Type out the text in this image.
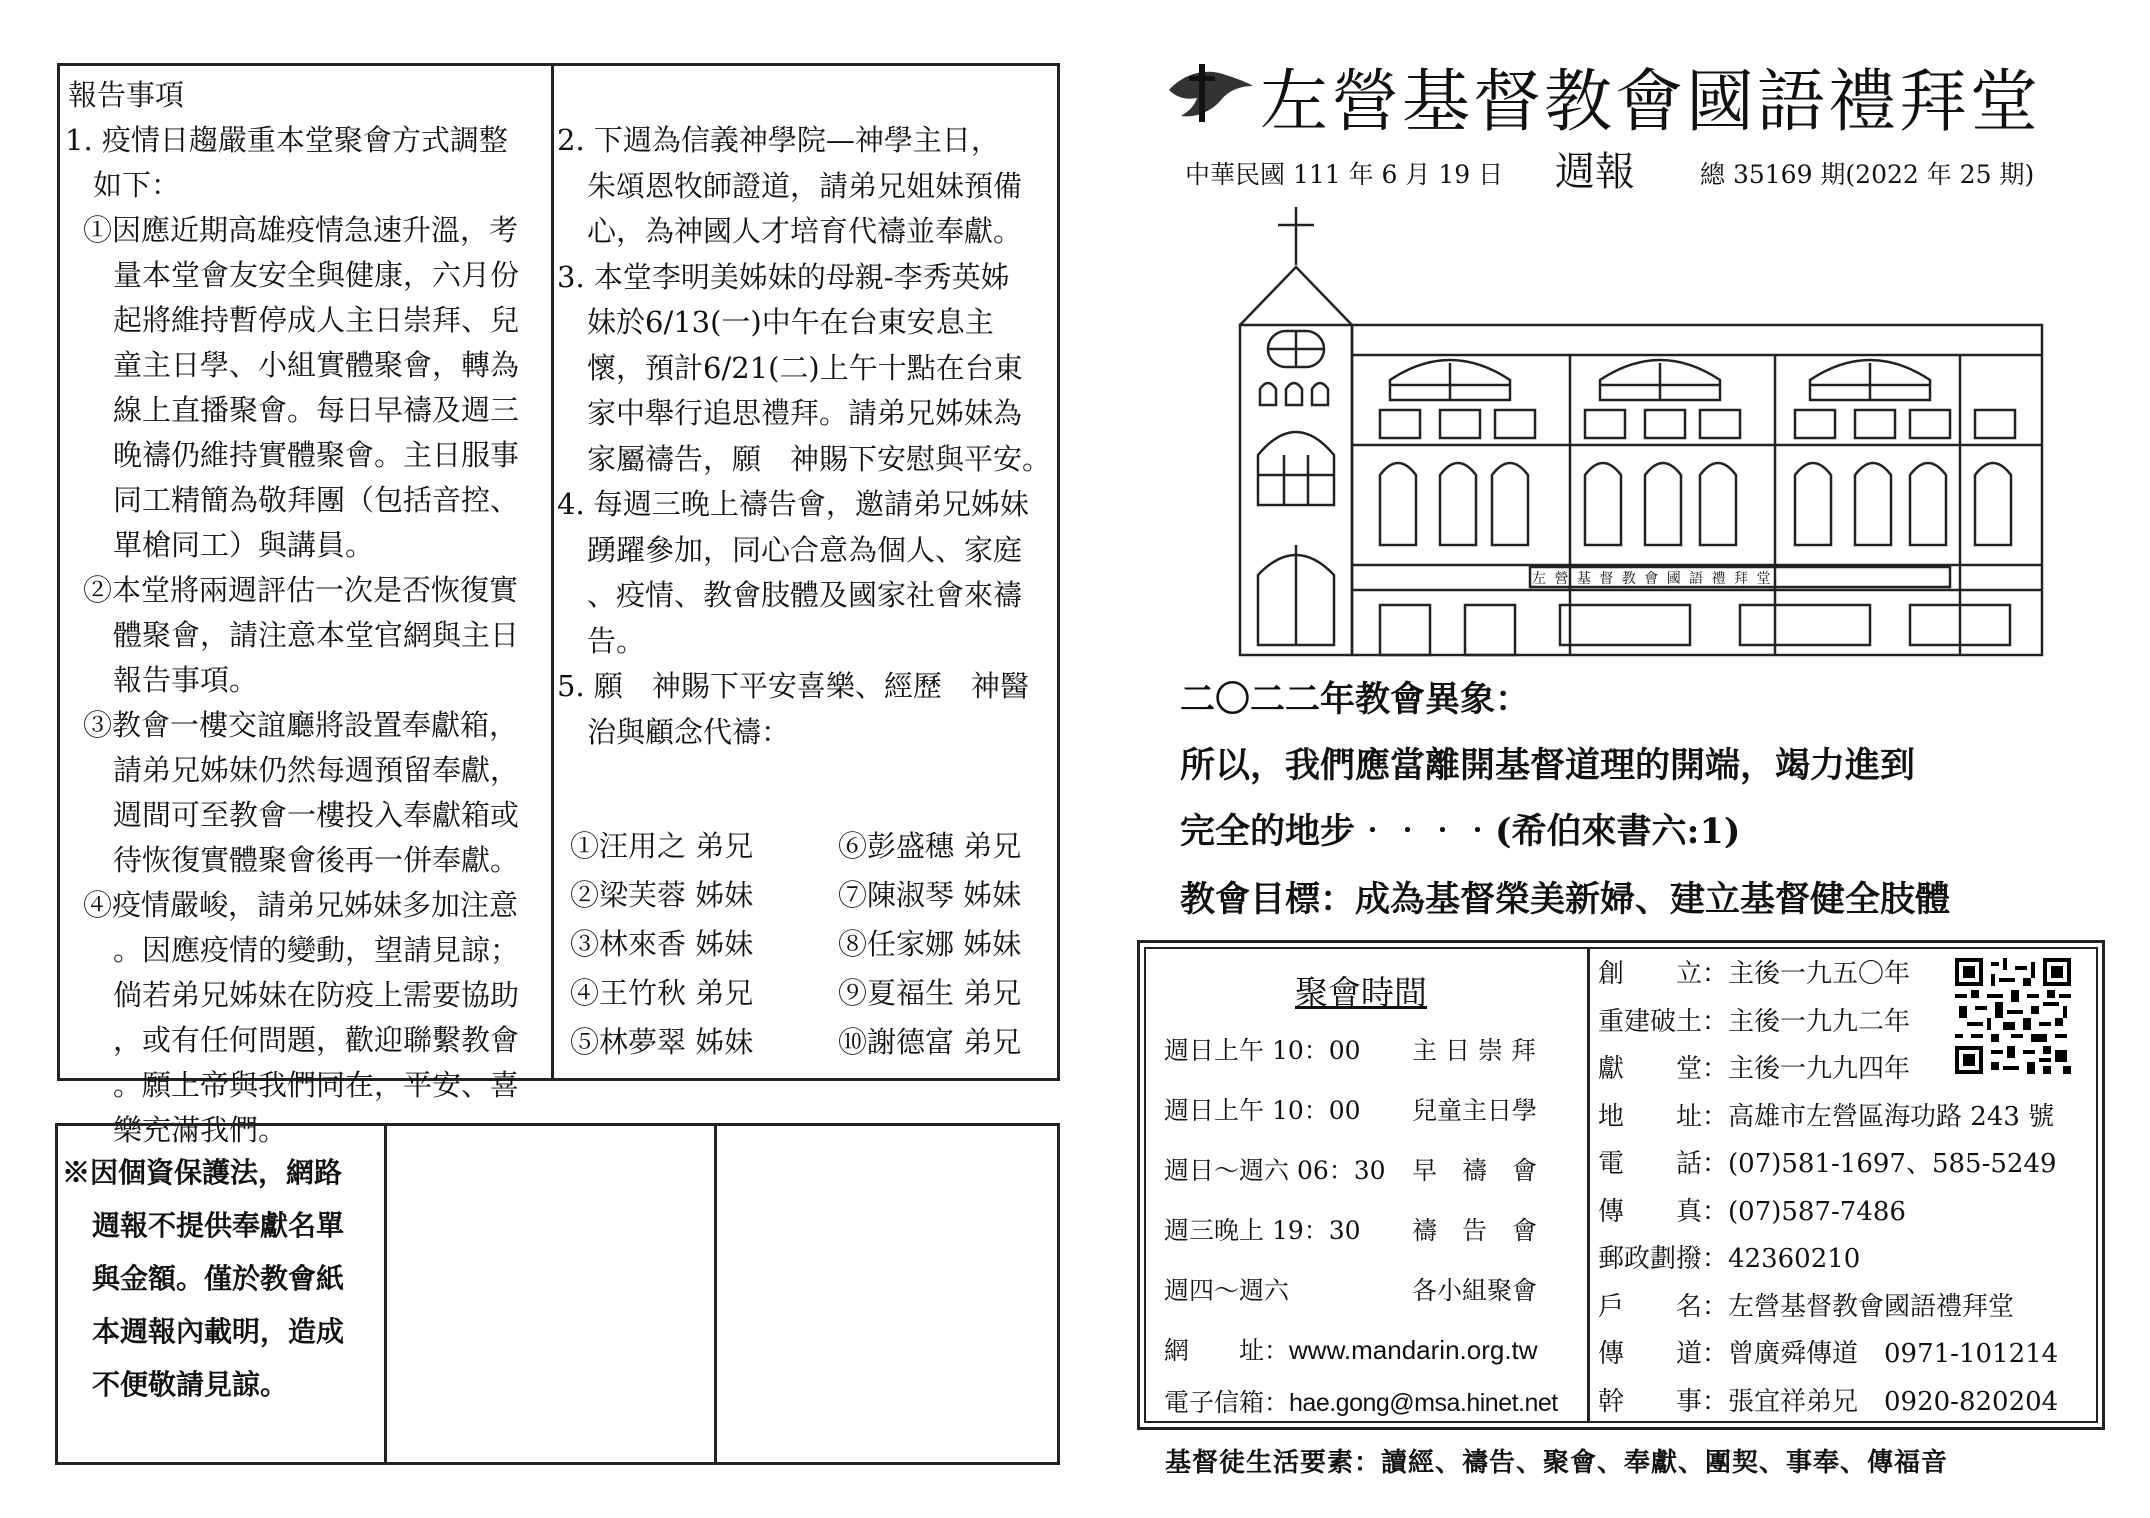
報告事項
1. 疫情日趨嚴重本堂聚會方式調整
如下：
①因應近期高雄疫情急速升溫，考
量本堂會友安全與健康，六月份
起將維持暫停成人主日崇拜、兒
童主日學、小組實體聚會，轉為
線上直播聚會。每日早禱及週三
晚禱仍維持實體聚會。主日服事
同工精簡為敬拜團（包括音控、
單槍同工）與講員。
②本堂將兩週評估一次是否恢復實
體聚會，請注意本堂官網與主日
報告事項。
③教會一樓交誼廳將設置奉獻箱，
請弟兄姊妹仍然每週預留奉獻，
週間可至教會一樓投入奉獻箱或
待恢復實體聚會後再一併奉獻。
④疫情嚴峻，請弟兄姊妹多加注意
。因應疫情的變動，望請見諒；
倘若弟兄姊妹在防疫上需要協助
，或有任何問題，歡迎聯繫教會
。願上帝與我們同在，平安、喜
樂充滿我們。
2. 下週為信義神學院—神學主日，
朱頌恩牧師證道，請弟兄姐妹預備
心，為神國人才培育代禱並奉獻。
3. 本堂李明美姊妹的母親-李秀英姊
妹於6/13(一)中午在台東安息主
懷，預計6/21(二)上午十點在台東
家中舉行追思禮拜。請弟兄姊妹為
家屬禱告，願　神賜下安慰與平安。
4. 每週三晚上禱告會，邀請弟兄姊妹
踴躍參加，同心合意為個人、家庭
、疫情、教會肢體及國家社會來禱
告。
5. 願　神賜下平安喜樂、經歷　神醫
治與顧念代禱：
①汪用之 弟兄	⑥彭盛穗 弟兄
②梁芙蓉 姊妹	⑦陳淑琴 姊妹
③林來香 姊妹	⑧任家娜 姊妹
④王竹秋 弟兄	⑨夏福生 弟兄
⑤林夢翠 姊妹	⑩謝德富 弟兄
※因個資保護法，網路
週報不提供奉獻名單
與金額。僅於教會紙
本週報內載明，造成
不便敬請見諒。
左營基督教會國語禮拜堂
中華民國 111 年 6 月 19 日 週報	總 35169 期(2022 年 25 期)
左 營 基 督 教 會 國 語 禮 拜 堂
二〇二二年教會異象：
所以，我們應當離開基督道理的開端，竭力進到
完全的地步‧‧‧‧(希伯來書六:1)
教會目標：成為基督榮美新婦、建立基督健全肢體
聚會時間
週日上午 10：00 主 日 崇 拜
週日上午 10：00 兒童主日學
週日～週六 06：30 早　禱　會
週三晚上 19：30 禱　告　會
週四～週六	各小組聚會
網　　址：www.mandarin.org.tw
電子信箱：hae.gong@msa.hinet.net
創　　立：主後一九五〇年
重建破土：主後一九九二年
獻　　堂：主後一九九四年
地　　址：高雄市左營區海功路 243 號
電　　話：(07)581-1697、585-5249
傳　　真：(07)587-7486
郵政劃撥：42360210
戶　　名：左營基督教會國語禮拜堂
傳　　道：曾廣舜傳道　0971-101214
幹　　事：張宜祥弟兄　0920-820204
基督徒生活要素：讀經、禱告、聚會、奉獻、團契、事奉、傳福音
